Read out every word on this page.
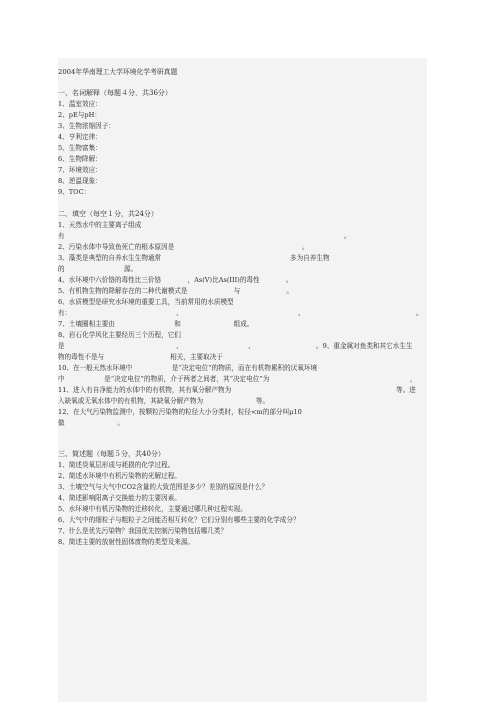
2004年华南理工大学环境化学考研真题
一、名词解释（每题４分，共36分）
1、温室效应：
2、pE与pH：
3、生物浓缩因子：
4、亨利定律：
5、生物富集：
6、生物降解：
7、环境效应：
8、逆温现象：
9、TOC：
二、填空（每空１分，共24分）
1、天然水中的主要离子组成
有	。
2、污染水体中导致鱼死亡的根本原因是	。
3、藻类是典型的自养水生生物通常	多为自养生物
的　　　　　　　　　源。
4、水环境中六价铬的毒性比三价铬　　　　，As(V)比As(III)的毒性　　　　。
5、有机物生物的降解存在的二种代谢模式是　　　　　　　与　　　　　　　。
6、水质模型是研究水环境的重要工具，当前常用的水质模型
有：	、	、	。
7、土壤圈相主要由　　　　　　　　　和　　　　　　　　组成。
8、岩石化学风化主要经历三个历程，它们
是	、	、	。9、重金属对鱼类和其它水生生
物的毒性不是与　　　　　　　　　　相关，主要取决于
10、在一般天然水环境中　　　　　　是“决定电位”的物质，而在有机物累积的厌氧环境
中　　　　　　是“决定电位”的物质，介于两者之间者，其“决定电位”为	，
11、进入有自净能力的水体中的有机物，其有氧分解产物为	等。进
入缺氧或无氧水体中的有机物，其缺氧分解产物为　　　　　　　　等。
12、在大气污染物监测中，按颗粒污染物的粒径大小分类时，粒径<m的部分叫μ10
做　　　　　　　　。
三、简述题（每题５分，共40分）
1、简述臭氧层形成与耗损的化学过程。
2、简述水环境中有机污染物的光解过程。
3、土壤空气与大气中CO2含量的大致范围是多少？差别的原因是什么？
4、简述影响阳离子交换能力的主要因素。
5、水环境中有机污染物的迁移转化，主要通过哪几种过程实现。
6、大气中的细粒子与粗粒子之间能否相互转化？它们分别有哪些主要的化学成分？
7、什么是优先污染物？我国优先控制污染物包括哪几类？
8、简述主要的放射性固体废物的类型及来源。
